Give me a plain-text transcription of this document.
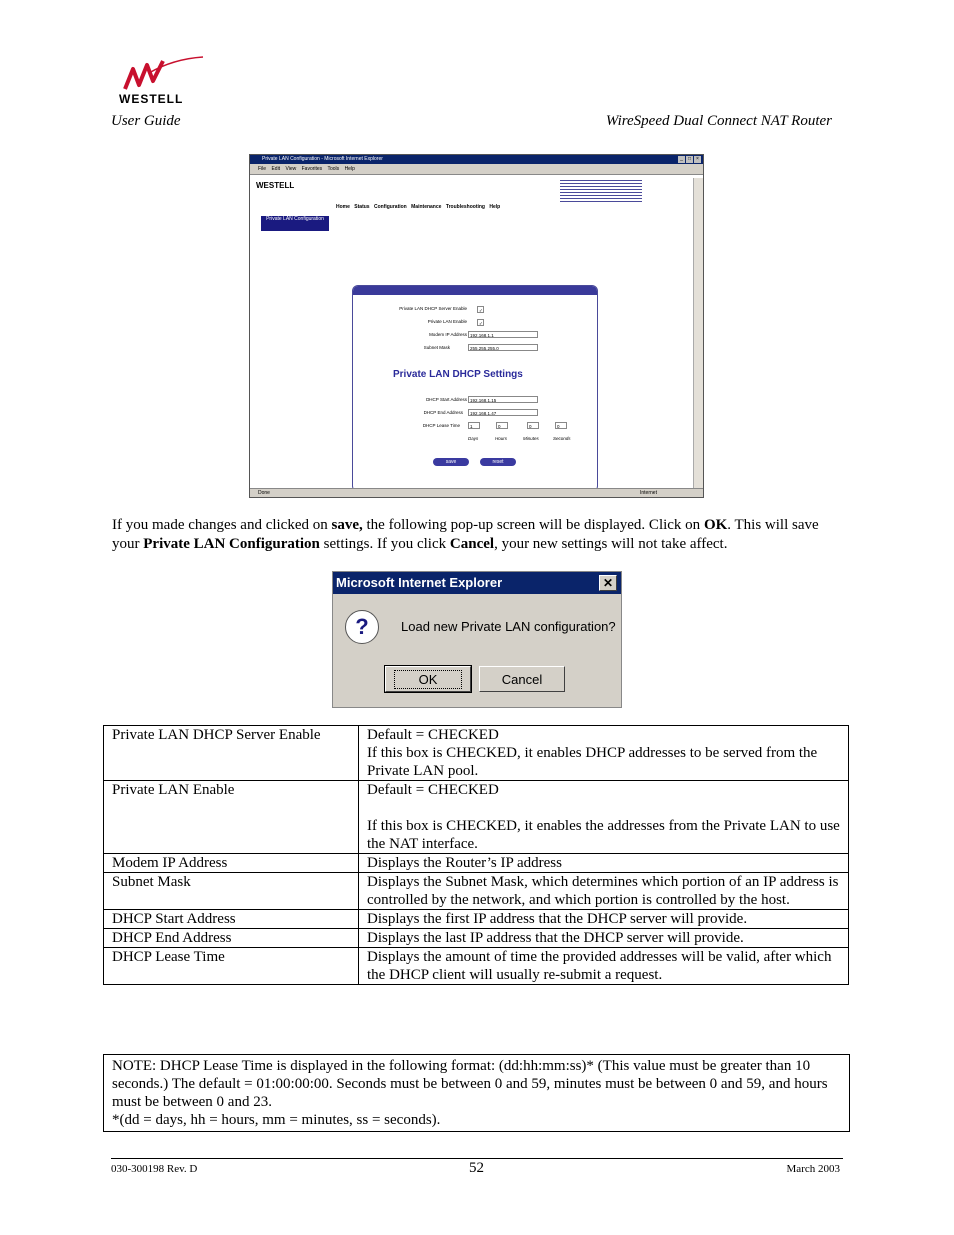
WESTELL
User Guide	WireSpeed Dual Connect NAT Router
Private LAN Configuration - Microsoft Internet Explorer	_	□	×
File Edit View Favorites Tools Help
WESTELL
Home Status Configuration Maintenance Troubleshooting Help
Private LAN Configuration
Private LAN DHCP Server Enable	✓
Private LAN Enable	✓
Modem IP Address 192.168.1.1
Subnet Mask	255.255.255.0
Private LAN DHCP Settings
DHCP Start Address 192.168.1.15
DHCP End Address	192.168.1.47
DHCP Lease Time	1	0	0	0
Days	Hours	Minutes	Seconds
save	reset
Done	Internet
If you made changes and clicked on save, the following pop-up screen will be displayed. Click on OK. This will save your Private LAN Configuration settings. If you click Cancel, your new settings will not take affect.
Microsoft Internet Explorer	✕
?	Load new Private LAN configuration?
OK	Cancel
Private LAN DHCP Server Enable	Default = CHECKED
If this box is CHECKED, it enables DHCP addresses to be served from the Private LAN pool.

Private LAN Enable	Default = CHECKED
If this box is CHECKED, it enables the addresses from the Private LAN to use the NAT interface.

Modem IP Address	Displays the Router’s IP address
Subnet Mask	Displays the Subnet Mask, which determines which portion of an IP address is controlled by the network, and which portion is controlled by the host.
DHCP Start Address	Displays the first IP address that the DHCP server will provide.
DHCP End Address	Displays the last IP address that the DHCP server will provide.
DHCP Lease Time	Displays the amount of time the provided addresses will be valid, after which the DHCP client will usually re-submit a request.
NOTE: DHCP Lease Time is displayed in the following format: (dd:hh:mm:ss)* (This value must be greater than 10 seconds.) The default = 01:00:00:00. Seconds must be between 0 and 59, minutes must be between 0 and 59, and hours must be between 0 and 23.
*(dd = days, hh = hours, mm = minutes, ss = seconds).
030-300198 Rev. D	52	March 2003
